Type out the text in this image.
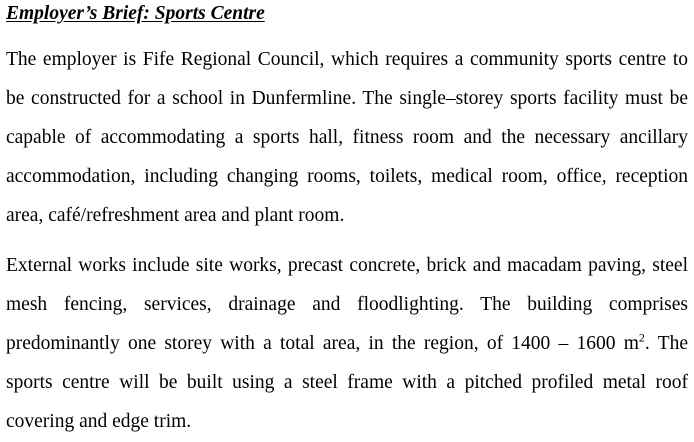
Employer’s Brief: Sports Centre

The employer is Fife Regional Council, which requires a community sports centre to be constructed for a school in Dunfermline. The single–storey sports facility must be capable of accommodating a sports hall, fitness room and the necessary ancillary accommodation, including changing rooms, toilets, medical room, office, reception area, café/refreshment area and plant room.

External works include site works, precast concrete, brick and macadam paving, steel mesh fencing, services, drainage and floodlighting. The building comprises predominantly one storey with a total area, in the region, of 1400 – 1600 $m^2$. The sports centre will be built using a steel frame with a pitched profiled metal roof covering and edge trim.
